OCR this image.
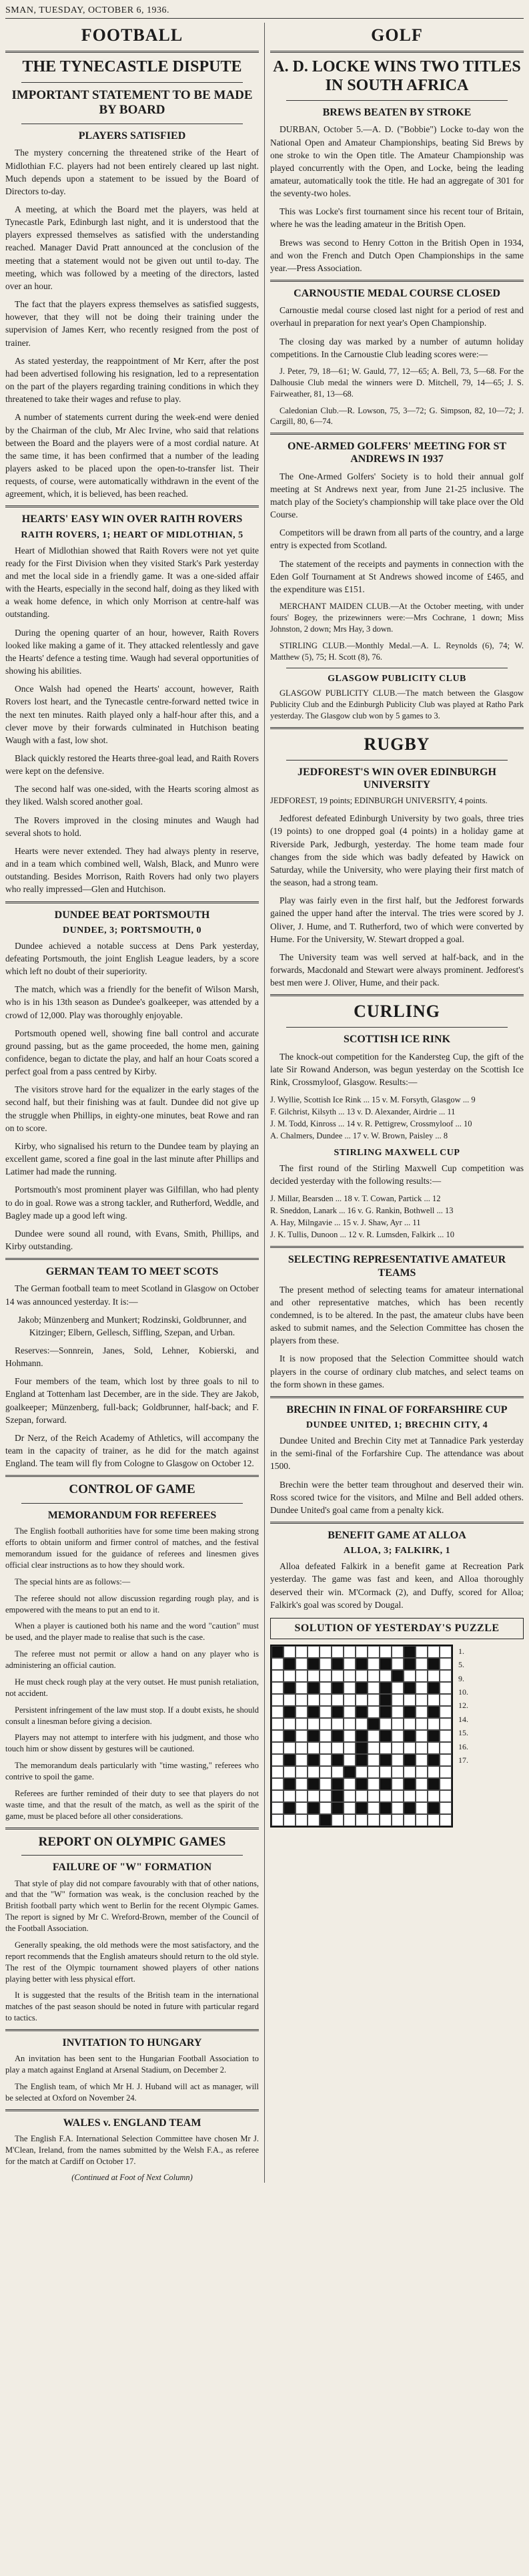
SMAN, TUESDAY, OCTOBER 6, 1936.
FOOTBALL
THE TYNECASTLE DISPUTE
IMPORTANT STATEMENT TO BE MADE BY BOARD
PLAYERS SATISFIED

The mystery concerning the threatened strike of the Heart of Midlothian F.C. players had not been entirely cleared up last night. Much depends upon a statement to be issued by the Board of Directors to-day.

A meeting, at which the Board met the players, was held at Tynecastle Park, Edinburgh last night, and it is understood that the players expressed themselves as satisfied with the understanding reached. Manager David Pratt announced at the conclusion of the meeting that a statement would not be given out until to-day. The meeting, which was followed by a meeting of the directors, lasted over an hour.

The fact that the players express themselves as satisfied suggests, however, that they will not be doing their training under the supervision of James Kerr, who recently resigned from the post of trainer.

As stated yesterday, the reappointment of Mr Kerr, after the post had been advertised following his resignation, led to a representation on the part of the players regarding training conditions in which they threatened to take their wages and refuse to play.

A number of statements current during the week-end were denied by the Chairman of the club, Mr Alec Irvine, who said that relations between the Board and the players were of a most cordial nature. At the same time, it has been confirmed that a number of the leading players asked to be placed upon the open-to-transfer list. Their requests, of course, were automatically withdrawn in the event of the agreement, which, it is believed, has been reached.

HEARTS' EASY WIN OVER RAITH ROVERS
RAITH ROVERS, 1; HEART OF MIDLOTHIAN, 5

Heart of Midlothian showed that Raith Rovers were not yet quite ready for the First Division when they visited Stark's Park yesterday and met the local side in a friendly game. It was a one-sided affair with the Hearts, especially in the second half, doing as they liked with a weak home defence, in which only Morrison at centre-half was outstanding.

During the opening quarter of an hour, however, Raith Rovers looked like making a game of it. They attacked relentlessly and gave the Hearts' defence a testing time. Waugh had several opportunities of showing his abilities.

Once Walsh had opened the Hearts' account, however, Raith Rovers lost heart, and the Tynecastle centre-forward netted twice in the next ten minutes. Raith played only a half-hour after this, and a clever move by their forwards culminated in Hutchison beating Waugh with a fast, low shot.

Black quickly restored the Hearts three-goal lead, and Raith Rovers were kept on the defensive.

The second half was one-sided, with the Hearts scoring almost as they liked. Walsh scored another goal.

The Rovers improved in the closing minutes and Waugh had several shots to hold.

Hearts were never extended. They had always plenty in reserve, and in a team which combined well, Walsh, Black, and Munro were outstanding. Besides Morrison, Raith Rovers had only two players who really impressed—Glen and Hutchison.

DUNDEE BEAT PORTSMOUTH
DUNDEE, 3; PORTSMOUTH, 0

Dundee achieved a notable success at Dens Park yesterday, defeating Portsmouth, the joint English League leaders, by a score which left no doubt of their superiority.

The match, which was a friendly for the benefit of Wilson Marsh, who is in his 13th season as Dundee's goalkeeper, was attended by a crowd of 12,000. Play was thoroughly enjoyable.

Portsmouth opened well, showing fine ball control and accurate ground passing, but as the game proceeded, the home men, gaining confidence, began to dictate the play, and half an hour Coats scored a perfect goal from a pass centred by Kirby.

The visitors strove hard for the equalizer in the early stages of the second half, but their finishing was at fault. Dundee did not give up the struggle when Phillips, in eighty-one minutes, beat Rowe and ran on to score.

Kirby, who signalised his return to the Dundee team by playing an excellent game, scored a fine goal in the last minute after Phillips and Latimer had made the running.

Portsmouth's most prominent player was Gilfillan, who had plenty to do in goal. Rowe was a strong tackler, and Rutherford, Weddle, and Bagley made up a good left wing.

Dundee were sound all round, with Evans, Smith, Phillips, and Kirby outstanding.

GERMAN TEAM TO MEET SCOTS

The German football team to meet Scotland in Glasgow on October 14 was announced yesterday. It is:—

Jakob; Münzenberg and Munkert; Rodzinski, Goldbrunner, and Kitzinger; Elbern, Gellesch, Siffling, Szepan, and Urban.

Reserves:—Sonnrein, Janes, Sold, Lehner, Kobierski, and Hohmann.

Four members of the team, which lost by three goals to nil to England at Tottenham last December, are in the side. They are Jakob, goalkeeper; Münzenberg, full-back; Goldbrunner, half-back; and F. Szepan, forward.

Dr Nerz, of the Reich Academy of Athletics, will accompany the team in the capacity of trainer, as he did for the match against England. The team will fly from Cologne to Glasgow on October 12.

CONTROL OF GAME
MEMORANDUM FOR REFEREES

The English football authorities have for some time been making strong efforts to obtain uniform and firmer control of matches, and the festival memorandum issued for the guidance of referees and linesmen gives official clear instructions as to how they should work.

The special hints are as follows:—

The referee should not allow discussion regarding rough play, and is empowered with the means to put an end to it.

When a player is cautioned both his name and the word "caution" must be used, and the player made to realise that such is the case.

The referee must not permit or allow a hand on any player who is administering an official caution.

He must check rough play at the very outset. He must punish retaliation, not accident.

Persistent infringement of the law must stop. If a doubt exists, he should consult a linesman before giving a decision.

Players may not attempt to interfere with his judgment, and those who touch him or show dissent by gestures will be cautioned.

The memorandum deals particularly with "time wasting," referees who contrive to spoil the game.

Referees are further reminded of their duty to see that players do not waste time, and that the result of the match, as well as the spirit of the game, must be placed before all other considerations.

REPORT ON OLYMPIC GAMES
FAILURE OF "W" FORMATION

That style of play did not compare favourably with that of other nations, and that the "W" formation was weak, is the conclusion reached by the British football party which went to Berlin for the recent Olympic Games. The report is signed by Mr C. Wreford-Brown, member of the Council of the Football Association.

Generally speaking, the old methods were the most satisfactory, and the report recommends that the English amateurs should return to the old style. The rest of the Olympic tournament showed players of other nations playing better with less physical effort.

It is suggested that the results of the British team in the international matches of the past season should be noted in future with particular regard to tactics.

INVITATION TO HUNGARY

An invitation has been sent to the Hungarian Football Association to play a match against England at Arsenal Stadium, on December 2.

The English team, of which Mr H. J. Huband will act as manager, will be selected at Oxford on November 24.

WALES v. ENGLAND TEAM

The English F.A. International Selection Committee have chosen Mr J. M'Clean, Ireland, from the names submitted by the Welsh F.A., as referee for the match at Cardiff on October 17.

(Continued at Foot of Next Column)
GOLF
A. D. LOCKE WINS TWO TITLES IN SOUTH AFRICA
BREWS BEATEN BY STROKE

DURBAN, October 5.—A. D. ("Bobbie") Locke to-day won the National Open and Amateur Championships, beating Sid Brews by one stroke to win the Open title. The Amateur Championship was played concurrently with the Open, and Locke, being the leading amateur, automatically took the title. He had an aggregate of 301 for the seventy-two holes.

This was Locke's first tournament since his recent tour of Britain, where he was the leading amateur in the British Open.

Brews was second to Henry Cotton in the British Open in 1934, and won the French and Dutch Open Championships in the same year.—Press Association.

CARNOUSTIE MEDAL COURSE CLOSED

Carnoustie medal course closed last night for a period of rest and overhaul in preparation for next year's Open Championship.

The closing day was marked by a number of autumn holiday competitions. In the Carnoustie Club leading scores were:—

J. Peter, 79, 18—61; W. Gauld, 77, 12—65; A. Bell, 73, 5—68. For the Dalhousie Club medal the winners were D. Mitchell, 79, 14—65; J. S. Fairweather, 81, 13—68.

Caledonian Club.—R. Lowson, 75, 3—72; G. Simpson, 82, 10—72; J. Cargill, 80, 6—74.

ONE-ARMED GOLFERS' MEETING FOR ST ANDREWS IN 1937

The One-Armed Golfers' Society is to hold their annual golf meeting at St Andrews next year, from June 21-25 inclusive. The match play of the Society's championship will take place over the Old Course.

Competitors will be drawn from all parts of the country, and a large entry is expected from Scotland.

The statement of the receipts and payments in connection with the Eden Golf Tournament at St Andrews showed income of £465, and the expenditure was £151.

MERCHANT MAIDEN CLUB.—At the October meeting, with under fours' Bogey, the prizewinners were:—Mrs Cochrane, 1 down; Miss Johnston, 2 down; Mrs Hay, 3 down.

STIRLING CLUB.—Monthly Medal.—A. L. Reynolds (6), 74; W. Matthew (5), 75; H. Scott (8), 76.

GLASGOW PUBLICITY CLUB

GLASGOW PUBLICITY CLUB.—The match between the Glasgow Publicity Club and the Edinburgh Publicity Club was played at Ratho Park yesterday. The Glasgow club won by 5 games to 3.

RUGBY
JEDFOREST'S WIN OVER EDINBURGH UNIVERSITY

JEDFOREST, 19 points; EDINBURGH UNIVERSITY, 4 points.

Jedforest defeated Edinburgh University by two goals, three tries (19 points) to one dropped goal (4 points) in a holiday game at Riverside Park, Jedburgh, yesterday. The home team made four changes from the side which was badly defeated by Hawick on Saturday, while the University, who were playing their first match of the season, had a strong team.

Play was fairly even in the first half, but the Jedforest forwards gained the upper hand after the interval. The tries were scored by J. Oliver, J. Hume, and T. Rutherford, two of which were converted by Hume. For the University, W. Stewart dropped a goal.

The University team was well served at half-back, and in the forwards, Macdonald and Stewart were always prominent. Jedforest's best men were J. Oliver, Hume, and their pack.

CURLING
SCOTTISH ICE RINK

The knock-out competition for the Kandersteg Cup, the gift of the late Sir Rowand Anderson, was begun yesterday on the Scottish Ice Rink, Crossmyloof, Glasgow. Results:—

J. Wyllie, Scottish Ice Rink ... 15 v. M. Forsyth, Glasgow ... 9
F. Gilchrist, Kilsyth ... 13 v. D. Alexander, Airdrie ... 11
J. M. Todd, Kinross ... 14 v. R. Pettigrew, Crossmyloof ... 10
A. Chalmers, Dundee ... 17 v. W. Brown, Paisley ... 8
STIRLING MAXWELL CUP

The first round of the Stirling Maxwell Cup competition was decided yesterday with the following results:—

J. Millar, Bearsden ... 18 v. T. Cowan, Partick ... 12
R. Sneddon, Lanark ... 16 v. G. Rankin, Bothwell ... 13
A. Hay, Milngavie ... 15 v. J. Shaw, Ayr ... 11
J. K. Tullis, Dunoon ... 12 v. R. Lumsden, Falkirk ... 10
SELECTING REPRESENTATIVE AMATEUR TEAMS

The present method of selecting teams for amateur international and other representative matches, which has been recently condemned, is to be altered. In the past, the amateur clubs have been asked to submit names, and the Selection Committee has chosen the players from these.

It is now proposed that the Selection Committee should watch players in the course of ordinary club matches, and select teams on the form shown in these games.

BRECHIN IN FINAL OF FORFARSHIRE CUP
DUNDEE UNITED, 1; BRECHIN CITY, 4

Dundee United and Brechin City met at Tannadice Park yesterday in the semi-final of the Forfarshire Cup. The attendance was about 1500.

Brechin were the better team throughout and deserved their win. Ross scored twice for the visitors, and Milne and Bell added others. Dundee United's goal came from a penalty kick.

BENEFIT GAME AT ALLOA
ALLOA, 3; FALKIRK, 1

Alloa defeated Falkirk in a benefit game at Recreation Park yesterday. The game was fast and keen, and Alloa thoroughly deserved their win. M'Cormack (2), and Duffy, scored for Alloa; Falkirk's goal was scored by Dougal.

SOLUTION OF YESTERDAY'S PUZZLE
1.
5.
9.
10.
12.
14.
15.
16.
17.
